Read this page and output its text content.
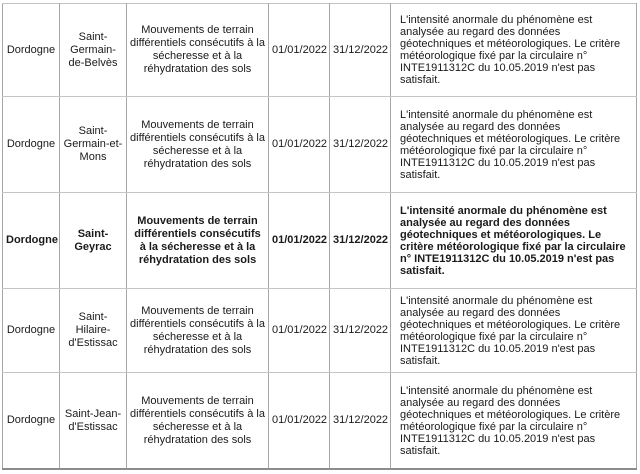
Dordogne	Saint-Germain-de-Belvès	Mouvements de terrain différentiels consécutifs à la sécheresse et à la réhydratation des sols	01/01/2022	31/12/2022	L'intensité anormale du phénomène est analysée au regard des données géotechniques et météorologiques. Le critère météorologique fixé par la circulaire n° INTE1911312C du 10.05.2019 n'est pas satisfait.
Dordogne	Saint-Germain-et-Mons	Mouvements de terrain différentiels consécutifs à la sécheresse et à la réhydratation des sols	01/01/2022	31/12/2022	L'intensité anormale du phénomène est analysée au regard des données géotechniques et météorologiques. Le critère météorologique fixé par la circulaire n° INTE1911312C du 10.05.2019 n'est pas satisfait.
Dordogne	Saint-Geyrac	Mouvements de terrain différentiels consécutifs à la sécheresse et à la réhydratation des sols	01/01/2022	31/12/2022	L'intensité anormale du phénomène est analysée au regard des données géotechniques et météorologiques. Le critère météorologique fixé par la circulaire n° INTE1911312C du 10.05.2019 n'est pas satisfait.
Dordogne	Saint-Hilaire-d'Estissac	Mouvements de terrain différentiels consécutifs à la sécheresse et à la réhydratation des sols	01/01/2022	31/12/2022	L'intensité anormale du phénomène est analysée au regard des données géotechniques et météorologiques. Le critère météorologique fixé par la circulaire n° INTE1911312C du 10.05.2019 n'est pas satisfait.
Dordogne	Saint-Jean-d'Estissac	Mouvements de terrain différentiels consécutifs à la sécheresse et à la réhydratation des sols	01/01/2022	31/12/2022	L'intensité anormale du phénomène est analysée au regard des données géotechniques et météorologiques. Le critère météorologique fixé par la circulaire n° INTE1911312C du 10.05.2019 n'est pas satisfait.
